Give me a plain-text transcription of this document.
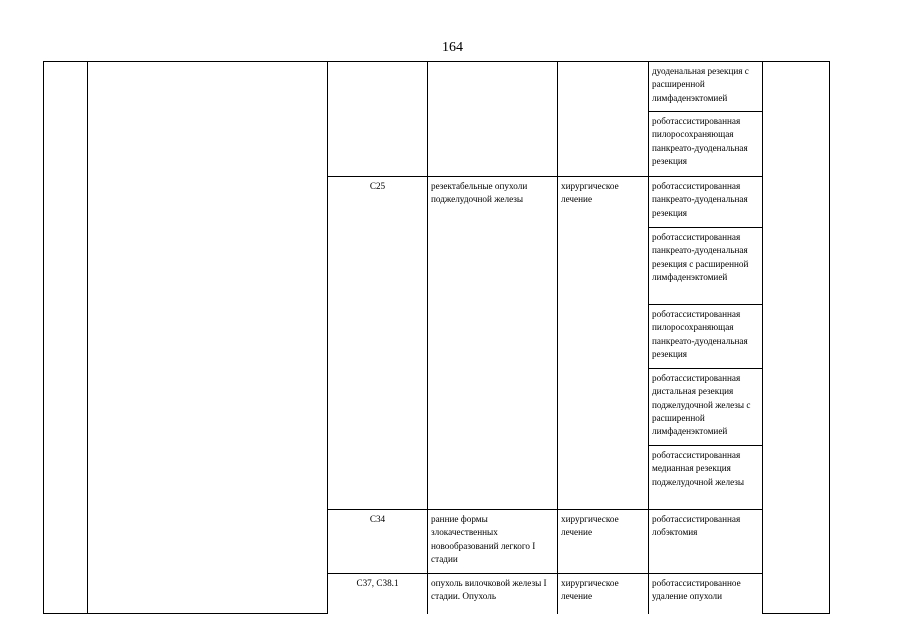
164
					дуоденальная резекция с расширенной лимфаденэктомией	
					роботассистированная пилоросохраняющая панкреато-дуоденальная резекция	
		C25	резектабельные опухоли поджелудочной железы	хирургическое лечение	роботассистированная панкреато-дуоденальная резекция	
					роботассистированная панкреато-дуоденальная резекция с расширенной лимфаденэктомией	
					роботассистированная пилоросохраняющая панкреато-дуоденальная резекция	
					роботассистированная дистальная резекция поджелудочной железы с расширенной лимфаденэктомией	
					роботассистированная медианная резекция поджелудочной железы	
		C34	ранние формы злокачественных новообразований легкого I стадии	хирургическое лечение	роботассистированная лобэктомия	
		C37, C38.1	опухоль вилочковой железы I стадии. Опухоль	хирургическое лечение	роботассистированное удаление опухоли	
